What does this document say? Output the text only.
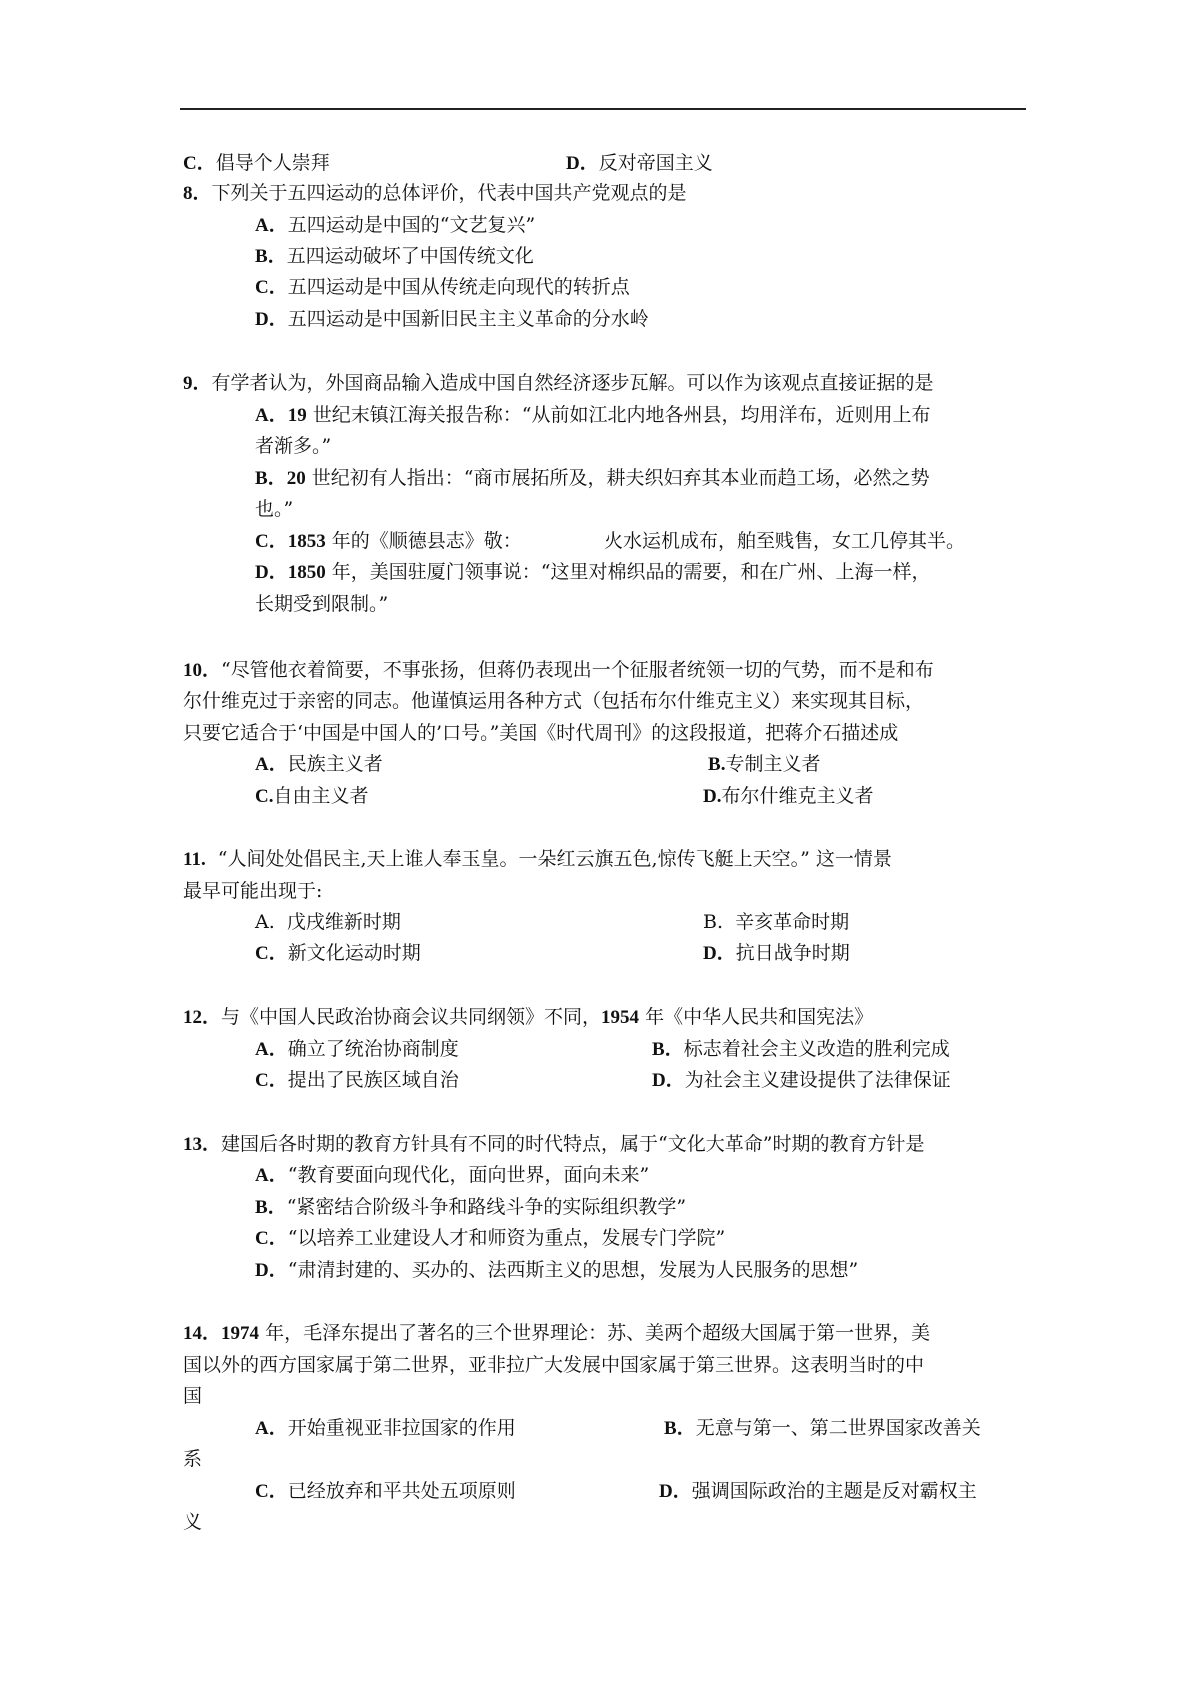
C．倡导个人崇拜	D．反对帝国主义
8．下列关于五四运动的总体评价，代表中国共产党观点的是
A．五四运动是中国的“文艺复兴”
B．五四运动破坏了中国传统文化
C．五四运动是中国从传统走向现代的转折点
D．五四运动是中国新旧民主主义革命的分水岭
9．有学者认为，外国商品输入造成中国自然经济逐步瓦解。可以作为该观点直接证据的是
A．19 世纪末镇江海关报告称：“从前如江北内地各州县，均用洋布，近则用上布
者渐多。”
B．20 世纪初有人指出：“商市展拓所及，耕夫织妇弃其本业而趋工场，必然之势
也。”
C．1853 年的《顺德县志》敬：	火水运机成布，舶至贱售，女工几停其半。
D．1850 年，美国驻厦门领事说：“这里对棉织品的需要，和在广州、上海一样，
长期受到限制。”
10．“尽管他衣着简要，不事张扬，但蒋仍表现出一个征服者统领一切的气势，而不是和布
尔什维克过于亲密的同志。他谨慎运用各种方式（包括布尔什维克主义）来实现其目标，
只要它适合于‘中国是中国人的’口号。”美国《时代周刊》的这段报道，把蒋介石描述成
A．民族主义者	B.专制主义者
C.自由主义者	D.布尔什维克主义者
11. “人间处处倡民主,天上谁人奉玉皇。一朵红云旗五色,惊传飞艇上天空。” 这一情景
最早可能出现于:
A.  戊戌维新时期	B.  辛亥革命时期
C．新文化运动时期	D．抗日战争时期
12．与《中国人民政治协商会议共同纲领》不同，1954 年《中华人民共和国宪法》
A．确立了统治协商制度	B．标志着社会主义改造的胜利完成
C．提出了民族区域自治	D．为社会主义建设提供了法律保证
13．建国后各时期的教育方针具有不同的时代特点，属于“文化大革命”时期的教育方针是
A．“教育要面向现代化，面向世界，面向未来”
B．“紧密结合阶级斗争和路线斗争的实际组织教学”
C．“以培养工业建设人才和师资为重点，发展专门学院”
D．“肃清封建的、买办的、法西斯主义的思想，发展为人民服务的思想”
14．1974 年，毛泽东提出了著名的三个世界理论：苏、美两个超级大国属于第一世界，美
国以外的西方国家属于第二世界，亚非拉广大发展中国家属于第三世界。这表明当时的中
国
A．开始重视亚非拉国家的作用	B．无意与第一、第二世界国家改善关
系
C．已经放弃和平共处五项原则	D．强调国际政治的主题是反对霸权主
义
